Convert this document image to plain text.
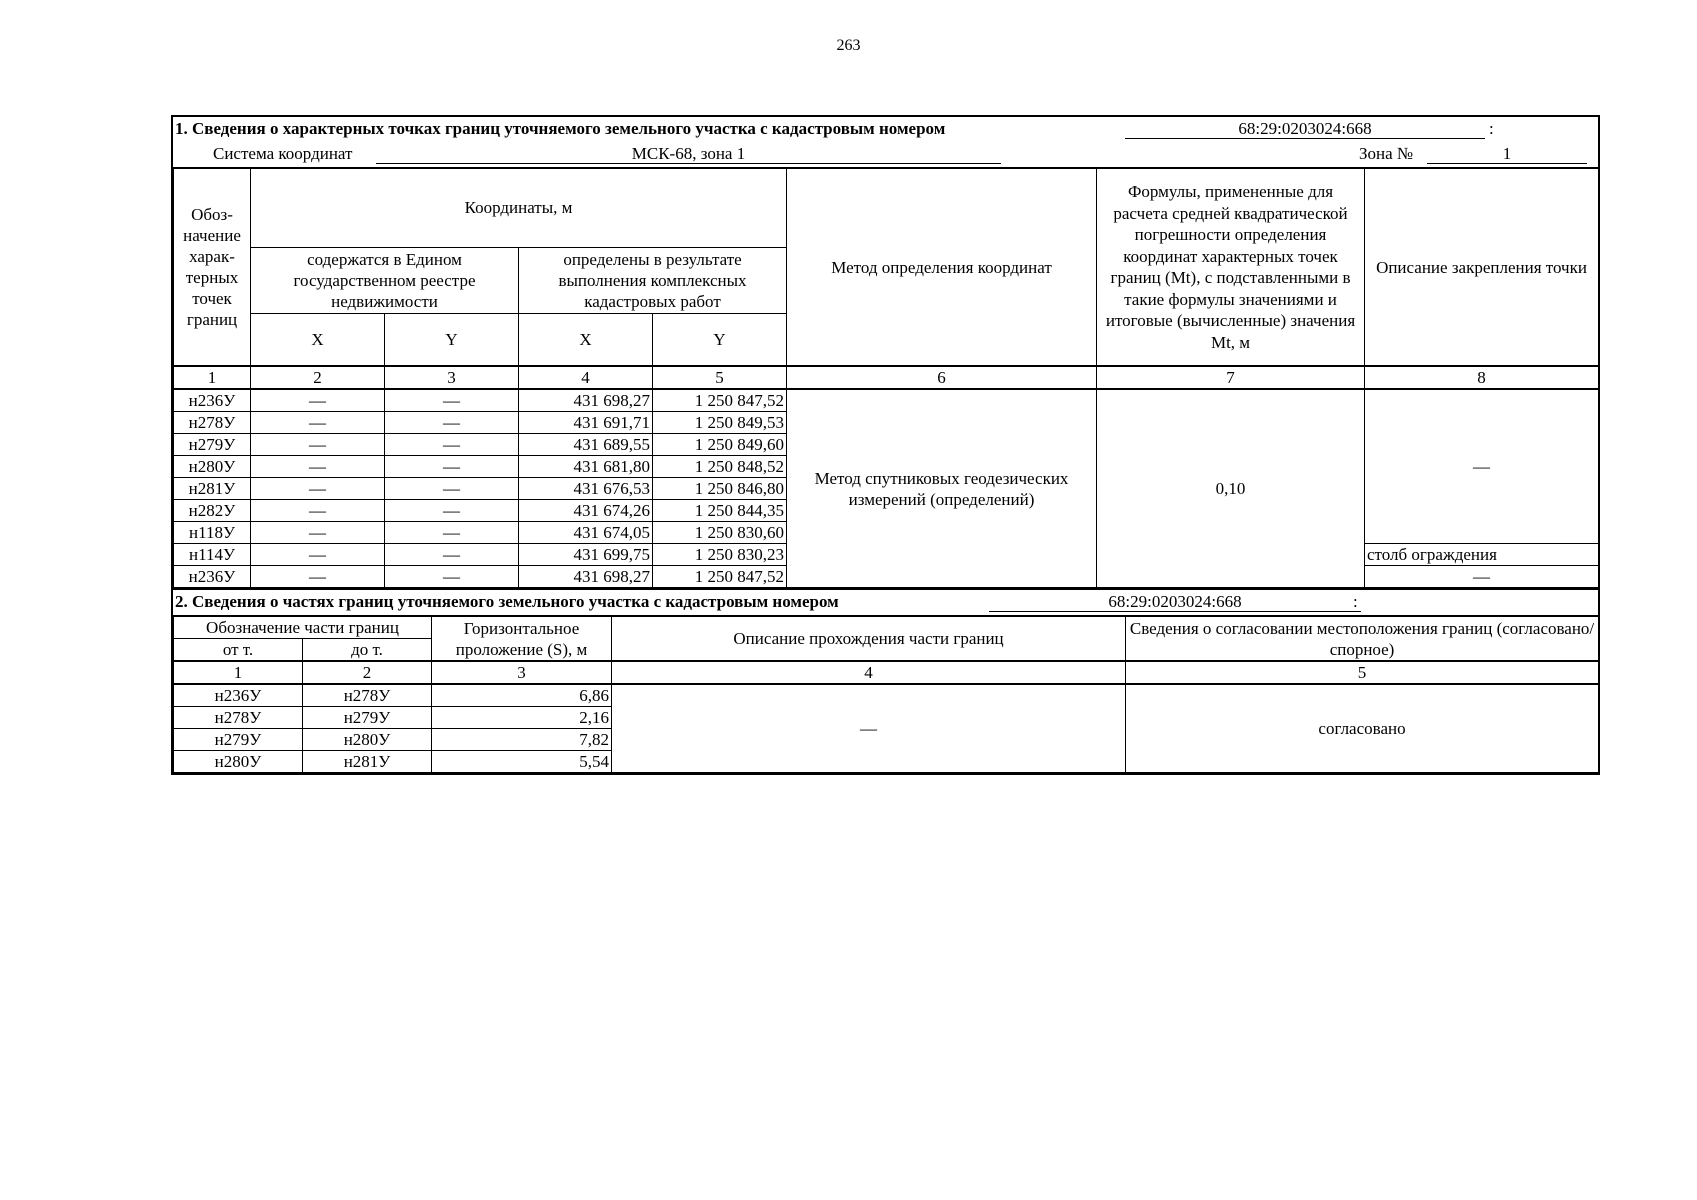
263
1. Сведения о характерных точках границ уточняемого земельного участка с кадастровым номером	68:29:0203024:668	:
Система координат	МСК-68, зона 1	Зона №	1
Обоз-начение харак-терных точек границ	Координаты, м				Метод определения координат	Формулы, примененные для расчета средней квадратической погрешности определения координат характерных точек границ (Mt), с подставленными в такие формулы значениями и итоговые (вычисленные) значения Mt, м	Описание закрепления точки
	содержатся в Едином государственном реестре недвижимости		определены в результате выполнения комплексных кадастровых работ				
	X	Y	X	Y			
1	2	3	4	5	6	7	8
н236У	—	—	431 698,27	1 250 847,52	Метод спутниковых геодезических измерений (определений)	0,10	—
н278У	—	—	431 691,71	1 250 849,53			
н279У	—	—	431 689,55	1 250 849,60			
н280У	—	—	431 681,80	1 250 848,52			
н281У	—	—	431 676,53	1 250 846,80			
н282У	—	—	431 674,26	1 250 844,35			
н118У	—	—	431 674,05	1 250 830,60			
н114У	—	—	431 699,75	1 250 830,23			столб ограждения
н236У	—	—	431 698,27	1 250 847,52			—
2. Сведения о частях границ уточняемого земельного участка с кадастровым номером	68:29:0203024:668	:
Обозначение части границ		Горизонтальное проложение (S), м	Описание прохождения части границ	Сведения о согласовании местоположения границ (согласовано/спорное)
от т.	до т.			
1	2	3	4	5
н236У	н278У	6,86	—	согласовано
н278У	н279У	2,16		
н279У	н280У	7,82		
н280У	н281У	5,54		
